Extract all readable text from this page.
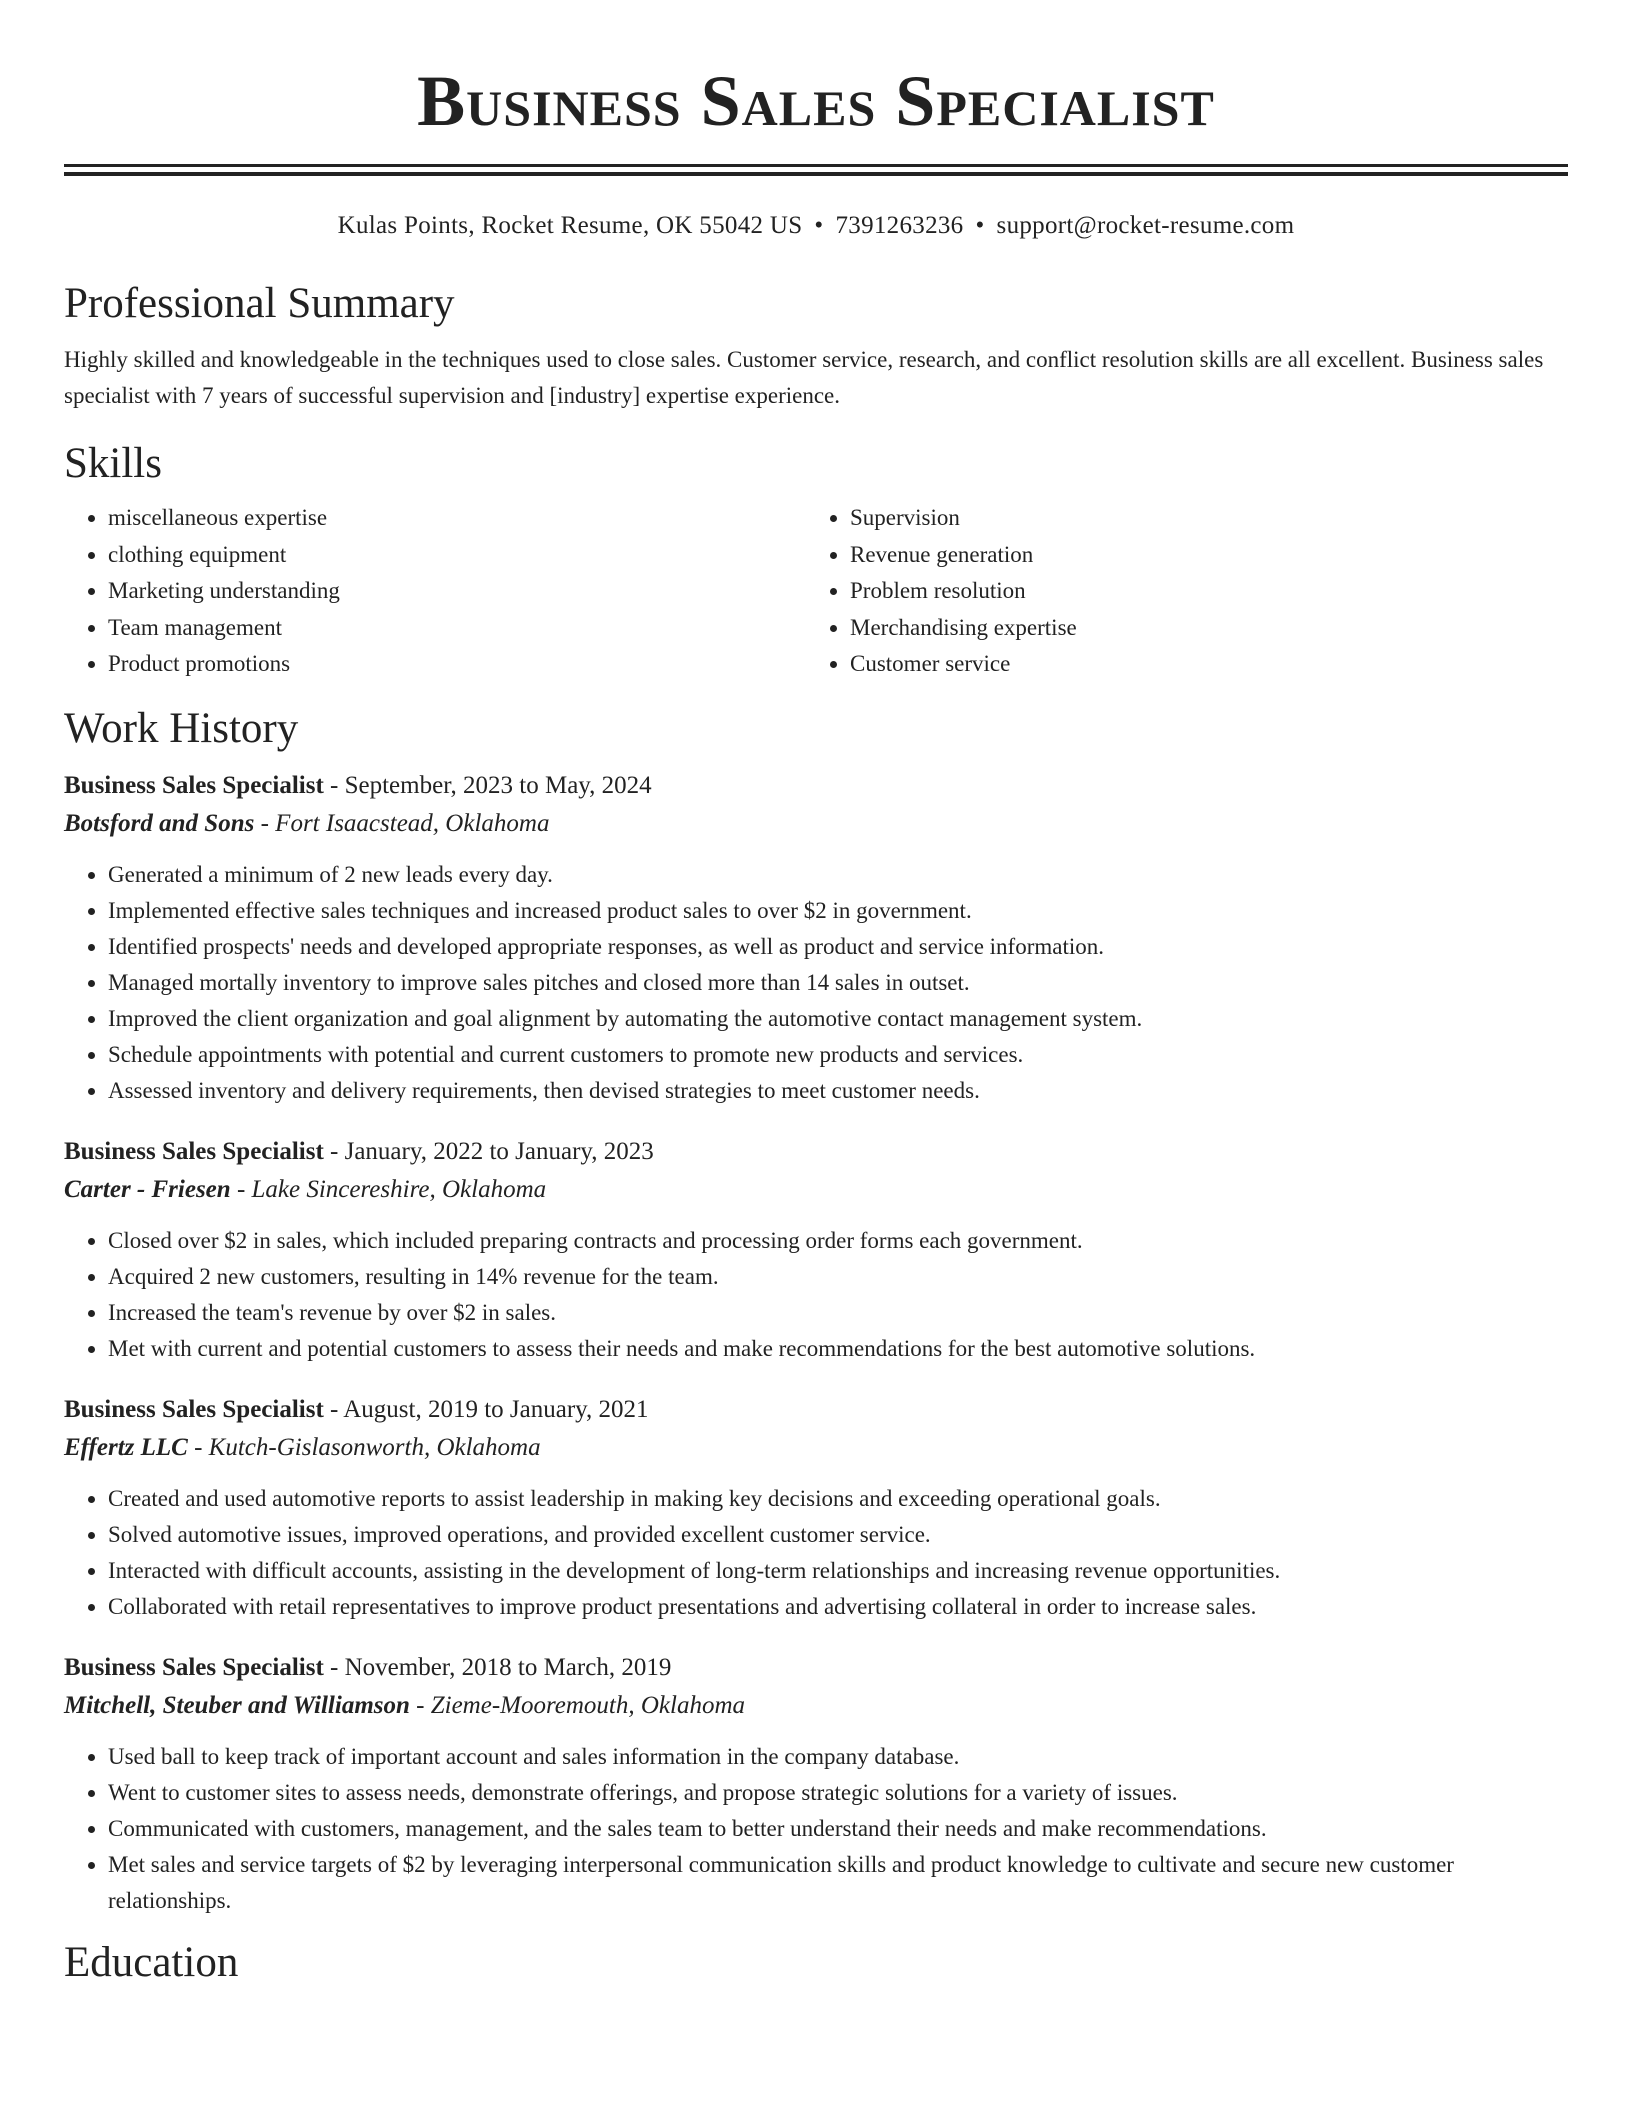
Business Sales Specialist
Kulas Points, Rocket Resume, OK 55042 US • 7391263236 • support@rocket-resume.com
Professional Summary
Highly skilled and knowledgeable in the techniques used to close sales. Customer service, research, and conflict resolution skills are all excellent. Business sales specialist with 7 years of successful supervision and [industry] expertise experience.
Skills
• miscellaneous expertise
• clothing equipment
• Marketing understanding
• Team management
• Product promotions
• Supervision
• Revenue generation
• Problem resolution
• Merchandising expertise
• Customer service
Work History
Business Sales Specialist - September, 2023 to May, 2024
Botsford and Sons - Fort Isaacstead, Oklahoma
• Generated a minimum of 2 new leads every day.
• Implemented effective sales techniques and increased product sales to over $2 in government.
• Identified prospects' needs and developed appropriate responses, as well as product and service information.
• Managed mortally inventory to improve sales pitches and closed more than 14 sales in outset.
• Improved the client organization and goal alignment by automating the automotive contact management system.
• Schedule appointments with potential and current customers to promote new products and services.
• Assessed inventory and delivery requirements, then devised strategies to meet customer needs.
Business Sales Specialist - January, 2022 to January, 2023
Carter - Friesen - Lake Sincereshire, Oklahoma
• Closed over $2 in sales, which included preparing contracts and processing order forms each government.
• Acquired 2 new customers, resulting in 14% revenue for the team.
• Increased the team's revenue by over $2 in sales.
• Met with current and potential customers to assess their needs and make recommendations for the best automotive solutions.
Business Sales Specialist - August, 2019 to January, 2021
Effertz LLC - Kutch-Gislasonworth, Oklahoma
• Created and used automotive reports to assist leadership in making key decisions and exceeding operational goals.
• Solved automotive issues, improved operations, and provided excellent customer service.
• Interacted with difficult accounts, assisting in the development of long-term relationships and increasing revenue opportunities.
• Collaborated with retail representatives to improve product presentations and advertising collateral in order to increase sales.
Business Sales Specialist - November, 2018 to March, 2019
Mitchell, Steuber and Williamson - Zieme-Mooremouth, Oklahoma
• Used ball to keep track of important account and sales information in the company database.
• Went to customer sites to assess needs, demonstrate offerings, and propose strategic solutions for a variety of issues.
• Communicated with customers, management, and the sales team to better understand their needs and make recommendations.
• Met sales and service targets of $2 by leveraging interpersonal communication skills and product knowledge to cultivate and secure new customer relationships.
Education
